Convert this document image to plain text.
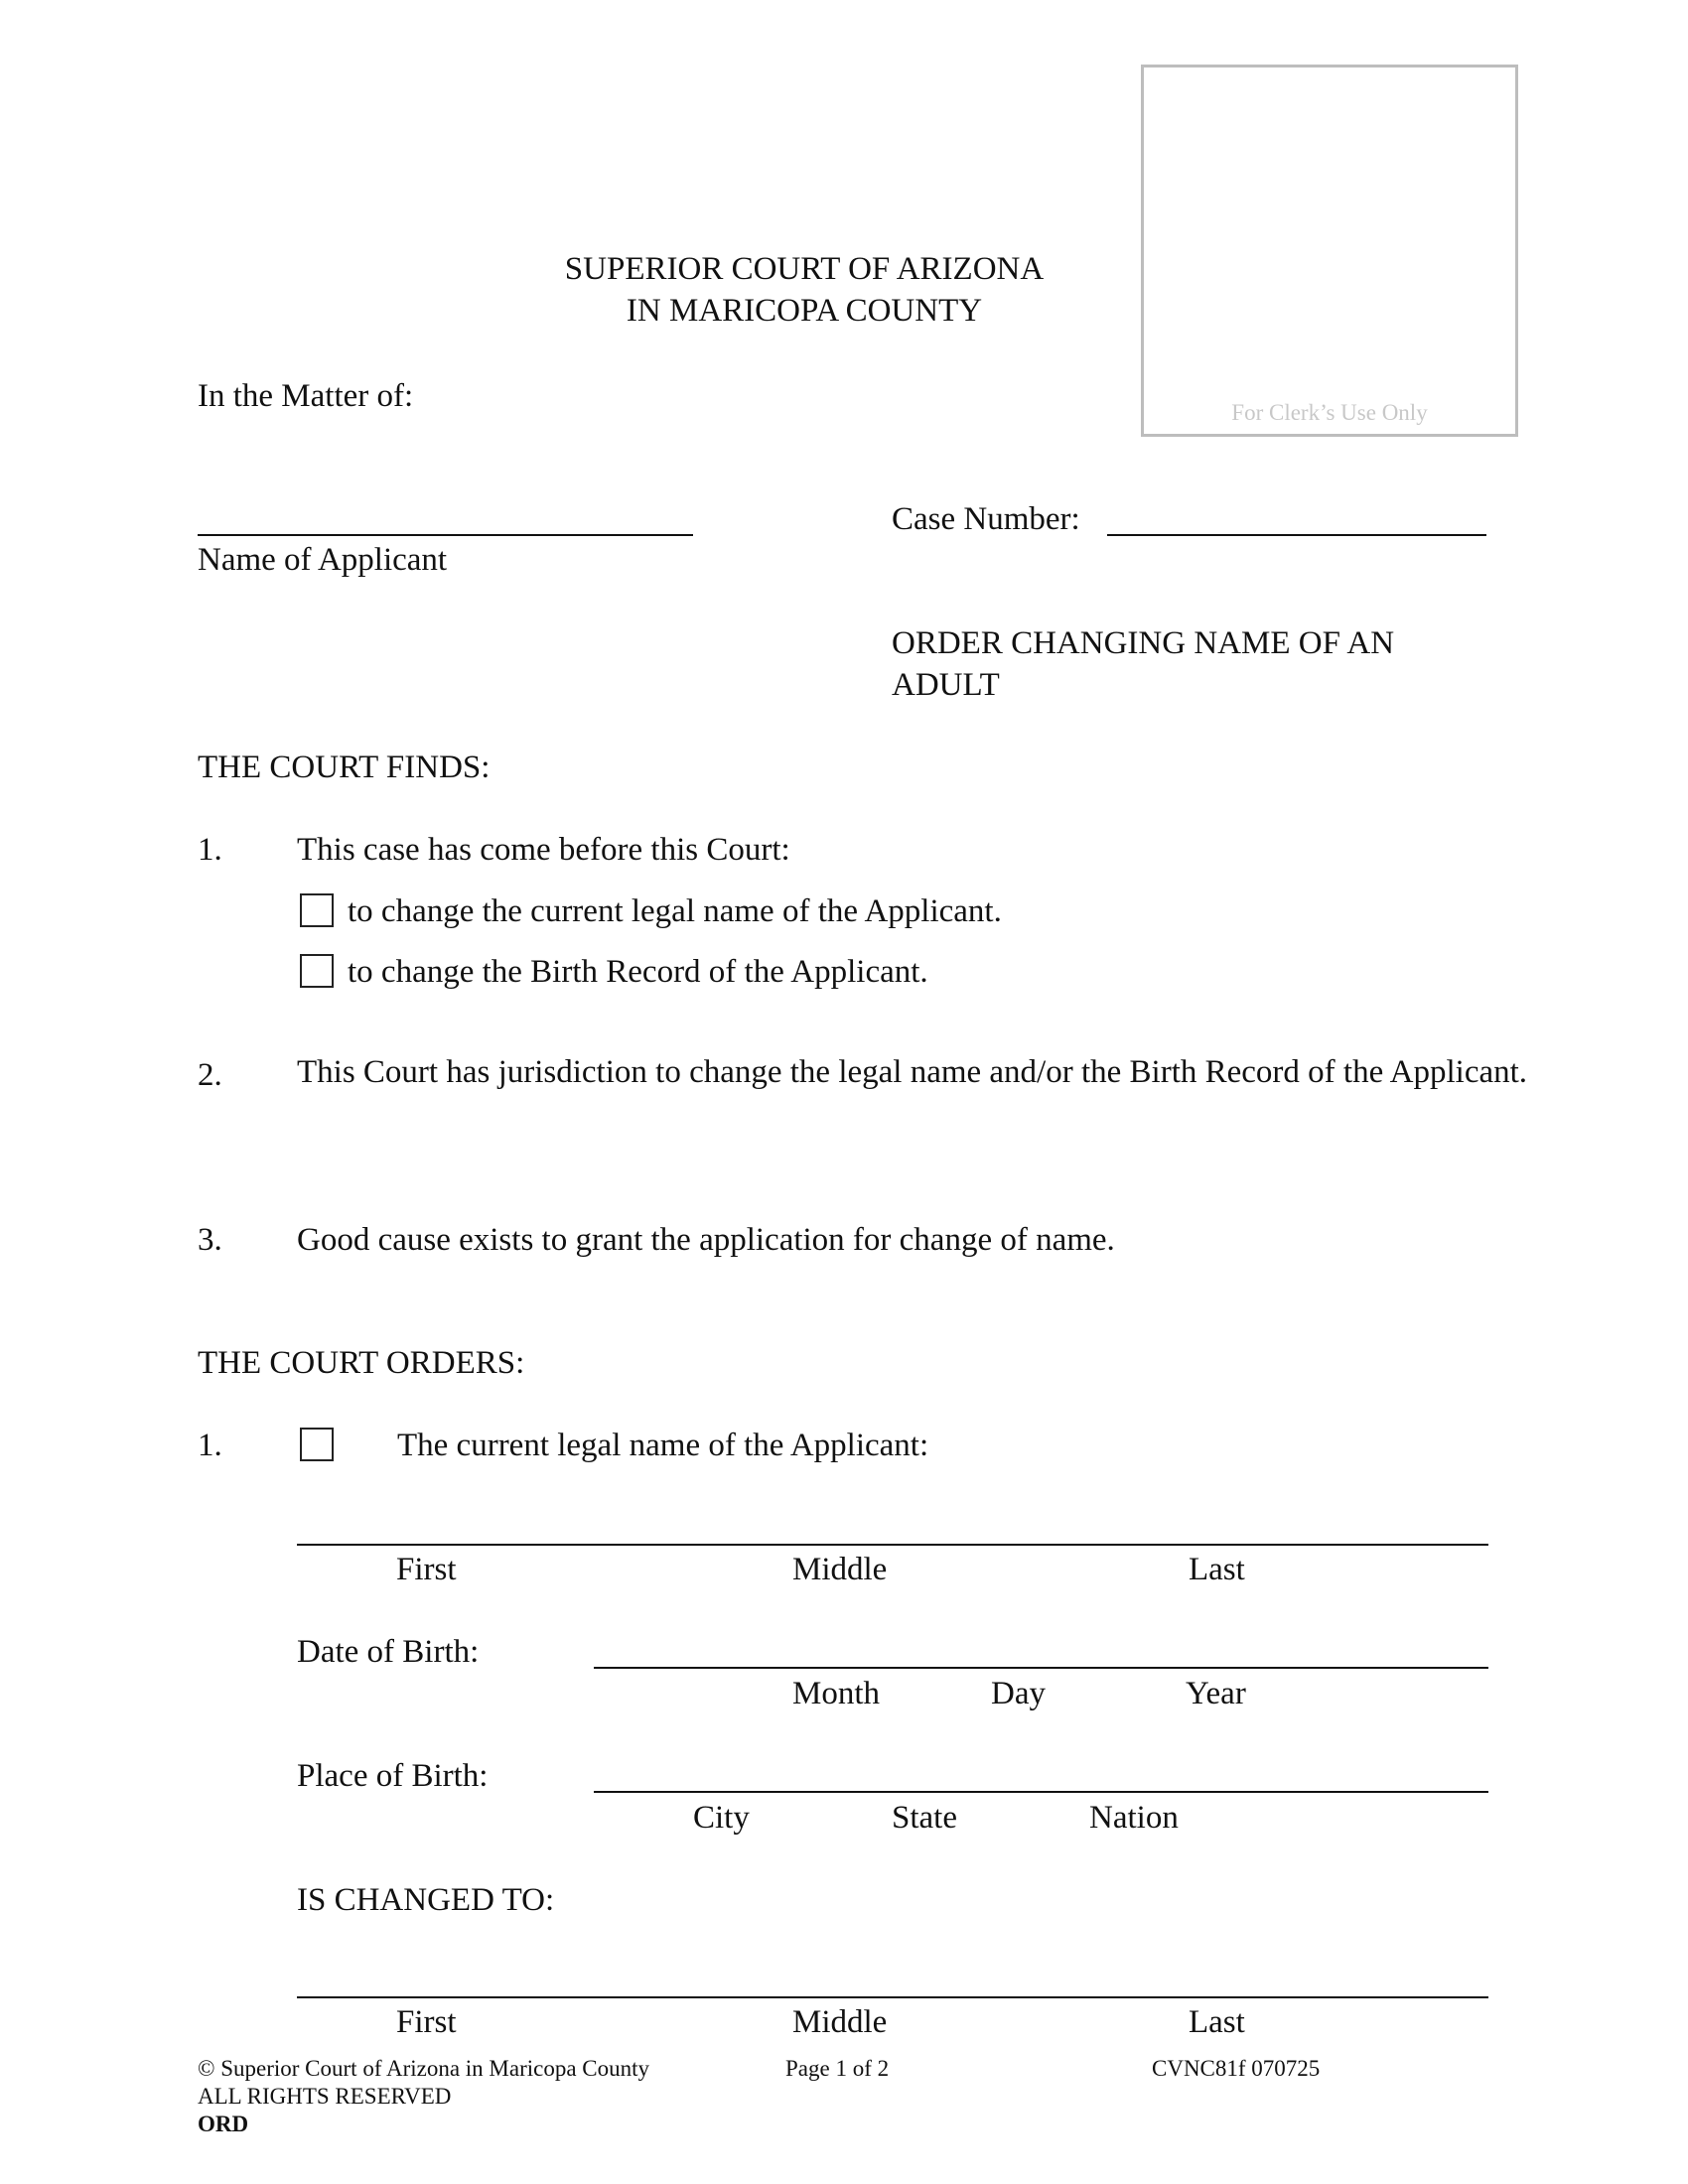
For Clerk’s Use Only
SUPERIOR COURT OF ARIZONA
IN MARICOPA COUNTY
In the Matter of:
Name of Applicant
Case Number:
ORDER CHANGING NAME OF AN
ADULT
THE COURT FINDS:
1. This case has come before this Court:
to change the current legal name of the Applicant.
to change the Birth Record of the Applicant.
2. This Court has jurisdiction to change the legal name and/or the Birth Record of the Applicant.
3. Good cause exists to grant the application for change of name.
THE COURT ORDERS:
1.	The current legal name of the Applicant:
First	Middle	Last
Date of Birth:
Month	Day	Year
Place of Birth:
City	State	Nation
IS CHANGED TO:
First	Middle	Last
© Superior Court of Arizona in Maricopa County
ALL RIGHTS RESERVED
ORD
Page 1 of 2	CVNC81f 070725
